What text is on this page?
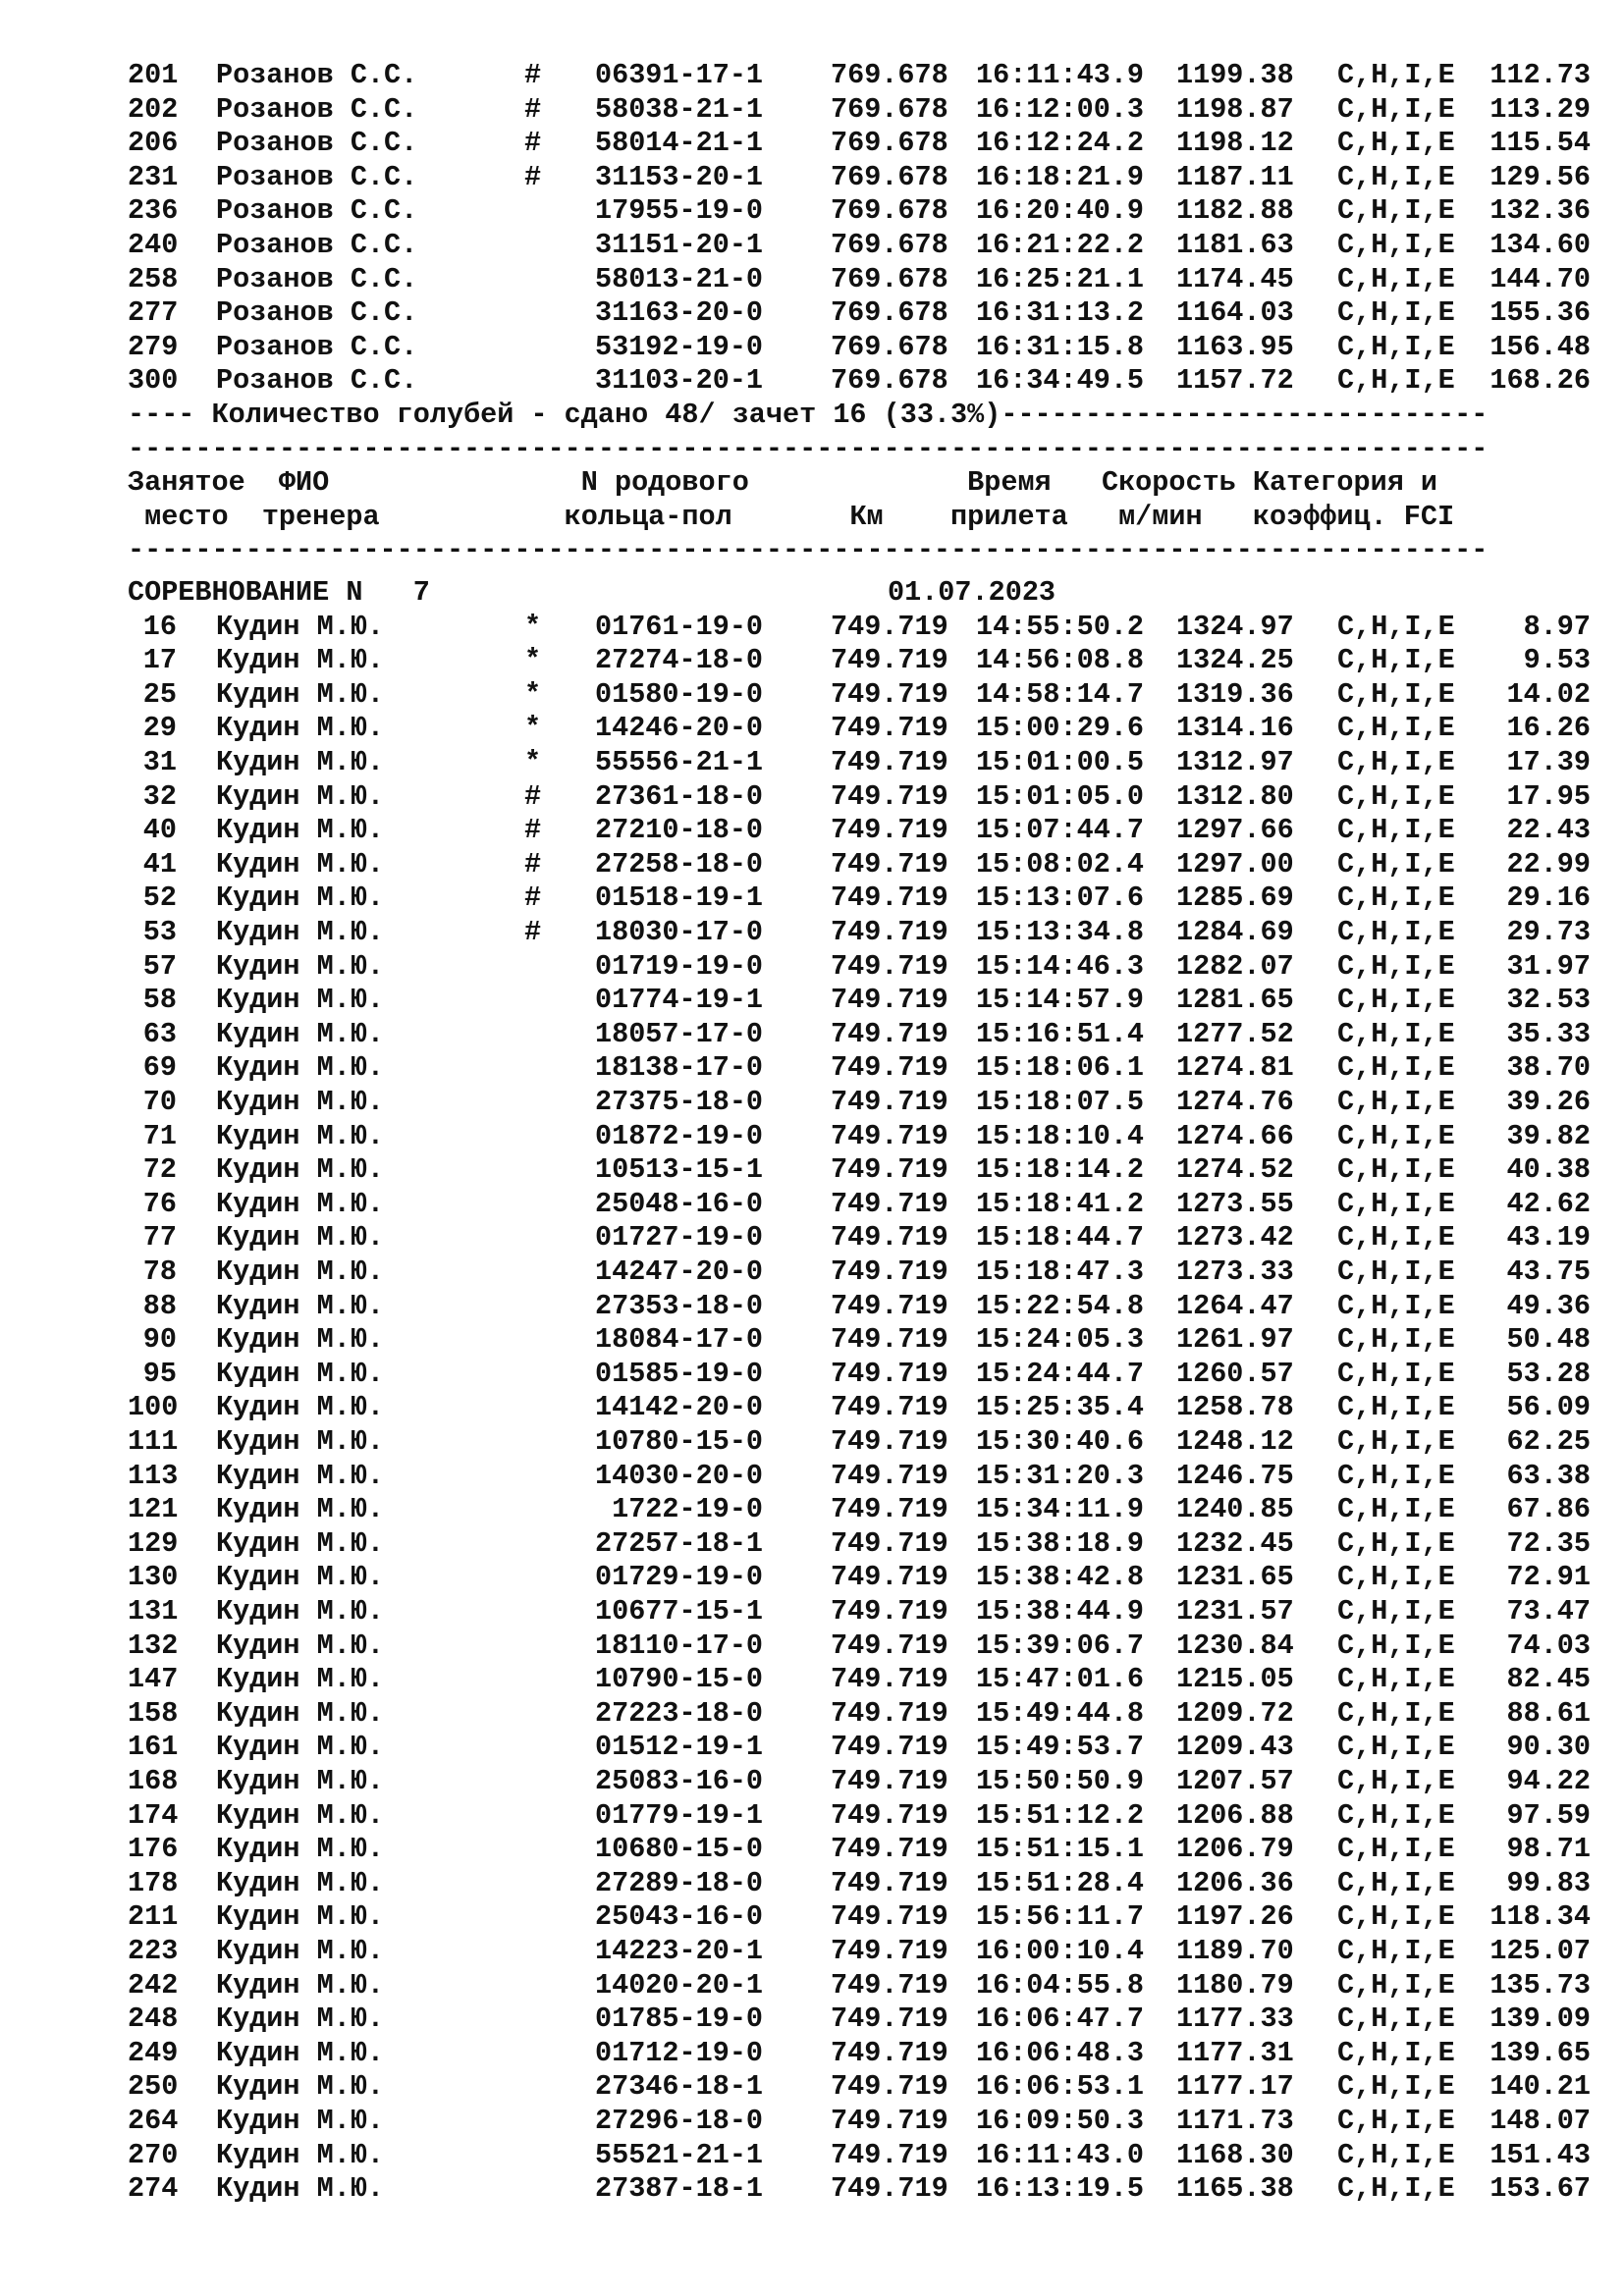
201 Розанов С.С.	# 06391-17-1 769.678 16:11:43.9 1199.38 C,H,I,E 112.73
202 Розанов С.С.	# 58038-21-1 769.678 16:12:00.3 1198.87 C,H,I,E 113.29
206 Розанов С.С.	# 58014-21-1 769.678 16:12:24.2 1198.12 C,H,I,E 115.54
231 Розанов С.С.	# 31153-20-1 769.678 16:18:21.9 1187.11 C,H,I,E 129.56
236 Розанов С.С.	17955-19-0 769.678 16:20:40.9 1182.88 C,H,I,E 132.36
240 Розанов С.С.	31151-20-1 769.678 16:21:22.2 1181.63 C,H,I,E 134.60
258 Розанов С.С.	58013-21-0 769.678 16:25:21.1 1174.45 C,H,I,E 144.70
277 Розанов С.С.	31163-20-0 769.678 16:31:13.2 1164.03 C,H,I,E 155.36
279 Розанов С.С.	53192-19-0 769.678 16:31:15.8 1163.95 C,H,I,E 156.48
300 Розанов С.С.	31103-20-1 769.678 16:34:49.5 1157.72 C,H,I,E 168.26
---- Количество голубей - сдано 48/ зачет 16 (33.3%)-----------------------------
---------------------------------------------------------------------------------
Занятое  ФИО               N родового             Время   Скорость Категория и
место  тренера           кольца-пол       Км    прилета   м/мин   коэффиц. FCI
---------------------------------------------------------------------------------
СОРЕВНОВАНИЕ N   7	01.07.2023
16 Кудин М.Ю.	* 01761-19-0 749.719 14:55:50.2 1324.97 C,H,I,E	8.97
17 Кудин М.Ю.	* 27274-18-0 749.719 14:56:08.8 1324.25 C,H,I,E	9.53
25 Кудин М.Ю.	* 01580-19-0 749.719 14:58:14.7 1319.36 C,H,I,E	14.02
29 Кудин М.Ю.	* 14246-20-0 749.719 15:00:29.6 1314.16 C,H,I,E	16.26
31 Кудин М.Ю.	* 55556-21-1 749.719 15:01:00.5 1312.97 C,H,I,E	17.39
32 Кудин М.Ю.	# 27361-18-0 749.719 15:01:05.0 1312.80 C,H,I,E	17.95
40 Кудин М.Ю.	# 27210-18-0 749.719 15:07:44.7 1297.66 C,H,I,E	22.43
41 Кудин М.Ю.	# 27258-18-0 749.719 15:08:02.4 1297.00 C,H,I,E	22.99
52 Кудин М.Ю.	# 01518-19-1 749.719 15:13:07.6 1285.69 C,H,I,E	29.16
53 Кудин М.Ю.	# 18030-17-0 749.719 15:13:34.8 1284.69 C,H,I,E	29.73
57 Кудин М.Ю.	01719-19-0 749.719 15:14:46.3 1282.07 C,H,I,E	31.97
58 Кудин М.Ю.	01774-19-1 749.719 15:14:57.9 1281.65 C,H,I,E	32.53
63 Кудин М.Ю.	18057-17-0 749.719 15:16:51.4 1277.52 C,H,I,E	35.33
69 Кудин М.Ю.	18138-17-0 749.719 15:18:06.1 1274.81 C,H,I,E	38.70
70 Кудин М.Ю.	27375-18-0 749.719 15:18:07.5 1274.76 C,H,I,E	39.26
71 Кудин М.Ю.	01872-19-0 749.719 15:18:10.4 1274.66 C,H,I,E	39.82
72 Кудин М.Ю.	10513-15-1 749.719 15:18:14.2 1274.52 C,H,I,E	40.38
76 Кудин М.Ю.	25048-16-0 749.719 15:18:41.2 1273.55 C,H,I,E	42.62
77 Кудин М.Ю.	01727-19-0 749.719 15:18:44.7 1273.42 C,H,I,E	43.19
78 Кудин М.Ю.	14247-20-0 749.719 15:18:47.3 1273.33 C,H,I,E	43.75
88 Кудин М.Ю.	27353-18-0 749.719 15:22:54.8 1264.47 C,H,I,E	49.36
90 Кудин М.Ю.	18084-17-0 749.719 15:24:05.3 1261.97 C,H,I,E	50.48
95 Кудин М.Ю.	01585-19-0 749.719 15:24:44.7 1260.57 C,H,I,E	53.28
100 Кудин М.Ю.	14142-20-0 749.719 15:25:35.4 1258.78 C,H,I,E	56.09
111 Кудин М.Ю.	10780-15-0 749.719 15:30:40.6 1248.12 C,H,I,E	62.25
113 Кудин М.Ю.	14030-20-0 749.719 15:31:20.3 1246.75 C,H,I,E	63.38
121 Кудин М.Ю.	1722-19-0 749.719 15:34:11.9 1240.85 C,H,I,E	67.86
129 Кудин М.Ю.	27257-18-1 749.719 15:38:18.9 1232.45 C,H,I,E	72.35
130 Кудин М.Ю.	01729-19-0 749.719 15:38:42.8 1231.65 C,H,I,E	72.91
131 Кудин М.Ю.	10677-15-1 749.719 15:38:44.9 1231.57 C,H,I,E	73.47
132 Кудин М.Ю.	18110-17-0 749.719 15:39:06.7 1230.84 C,H,I,E	74.03
147 Кудин М.Ю.	10790-15-0 749.719 15:47:01.6 1215.05 C,H,I,E	82.45
158 Кудин М.Ю.	27223-18-0 749.719 15:49:44.8 1209.72 C,H,I,E	88.61
161 Кудин М.Ю.	01512-19-1 749.719 15:49:53.7 1209.43 C,H,I,E	90.30
168 Кудин М.Ю.	25083-16-0 749.719 15:50:50.9 1207.57 C,H,I,E	94.22
174 Кудин М.Ю.	01779-19-1 749.719 15:51:12.2 1206.88 C,H,I,E	97.59
176 Кудин М.Ю.	10680-15-0 749.719 15:51:15.1 1206.79 C,H,I,E	98.71
178 Кудин М.Ю.	27289-18-0 749.719 15:51:28.4 1206.36 C,H,I,E	99.83
211 Кудин М.Ю.	25043-16-0 749.719 15:56:11.7 1197.26 C,H,I,E 118.34
223 Кудин М.Ю.	14223-20-1 749.719 16:00:10.4 1189.70 C,H,I,E 125.07
242 Кудин М.Ю.	14020-20-1 749.719 16:04:55.8 1180.79 C,H,I,E 135.73
248 Кудин М.Ю.	01785-19-0 749.719 16:06:47.7 1177.33 C,H,I,E 139.09
249 Кудин М.Ю.	01712-19-0 749.719 16:06:48.3 1177.31 C,H,I,E 139.65
250 Кудин М.Ю.	27346-18-1 749.719 16:06:53.1 1177.17 C,H,I,E 140.21
264 Кудин М.Ю.	27296-18-0 749.719 16:09:50.3 1171.73 C,H,I,E 148.07
270 Кудин М.Ю.	55521-21-1 749.719 16:11:43.0 1168.30 C,H,I,E 151.43
274 Кудин М.Ю.	27387-18-1 749.719 16:13:19.5 1165.38 C,H,I,E 153.67
